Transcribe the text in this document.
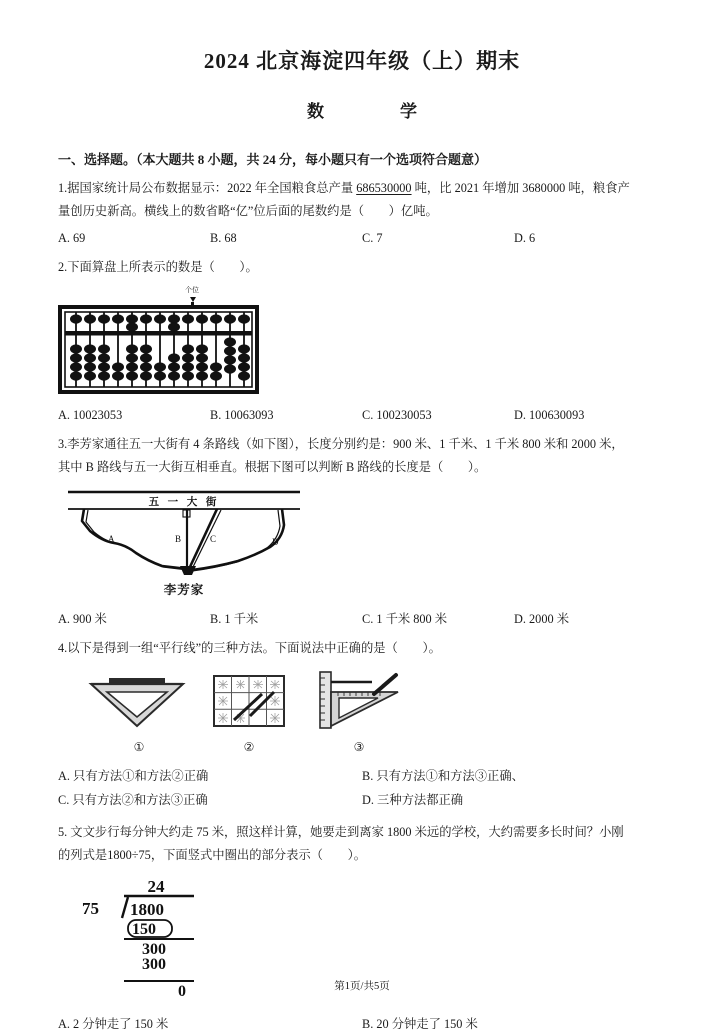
2024 北京海淀四年级（上）期末
数　　学
一、选择题。（本大题共 8 小题，共 24 分，每小题只有一个选项符合题意）
1.据国家统计局公布数据显示：2022 年全国粮食总产量 686530000 吨，比 2021 年增加 3680000 吨，粮食产
量创历史新高。横线上的数省略“亿”位后面的尾数约是（　　）亿吨。
A. 69	B. 68	C. 7	D. 6
2.下面算盘上所表示的数是（　　）。
个位
A. 10023053	B. 10063093	C. 100230053	D. 100630093
3.李芳家通往五一大街有 4 条路线（如下图），长度分别约是：900 米、1 千米、1 千米 800 米和 2000 米，
其中 B 路线与五一大街互相垂直。根据下图可以判断 B 路线的长度是（　　）。
五 一 大 街
A	B	C	D
李芳家
A. 900 米	B. 1 千米	C. 1 千米 800 米	D. 2000 米
4.以下是得到一组“平行线”的三种方法。下面说法中正确的是（　　）。
①	②	③
A. 只有方法①和方法②正确	B. 只有方法①和方法③正确、
C. 只有方法②和方法③正确	D. 三种方法都正确
5. 文文步行每分钟大约走 75 米，照这样计算，她要走到离家 1800 米远的学校，大约需要多长时间？小刚
的列式是1800÷75，下面竖式中圈出的部分表示（　　）。
24
75 1800
150
300
300
0
A. 2 分钟走了 150 米	B. 20 分钟走了 150 米
第1页/共5页
